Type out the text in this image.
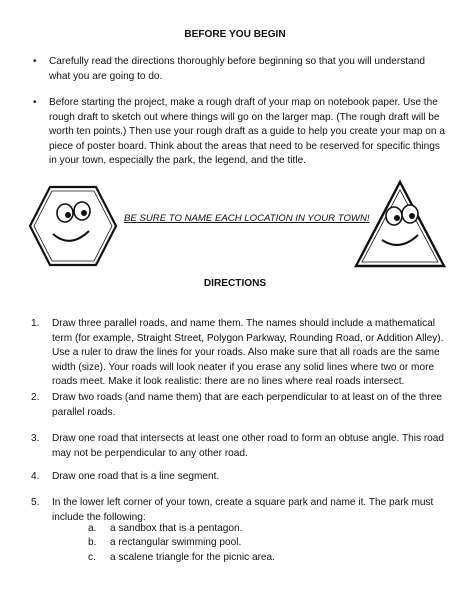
BEFORE YOU BEGIN

• Carefully read the directions thoroughly before beginning so that you will understand what you are going to do.

• Before starting the project, make a rough draft of your map on notebook paper. Use the rough draft to sketch out where things will go on the larger map. (The rough draft will be worth ten points.) Then use your rough draft as a guide to help you create your map on a piece of poster board. Think about the areas that need to be reserved for specific things in your town, especially the park, the legend, and the title.

BE SURE TO NAME EACH LOCATION IN YOUR TOWN!

DIRECTIONS

1. Draw three parallel roads, and name them. The names should include a mathematical term (for example, Straight Street, Polygon Parkway, Rounding Road, or Addition Alley). Use a ruler to draw the lines for your roads. Also make sure that all roads are the same width (size). Your roads will look neater if you erase any solid lines where two or more roads meet. Make it look realistic: there are no lines where real roads intersect.

2. Draw two roads (and name them) that are each perpendicular to at least on of the three parallel roads.

3. Draw one road that intersects at least one other road to form an obtuse angle. This road may not be perpendicular to any other road.

4. Draw one road that is a line segment.

5. In the lower left corner of your town, create a square park and name it. The park must include the following:

a. a sandbox that is a pentagon.

b. a rectangular swimming pool.

c. a scalene triangle for the picnic area.
